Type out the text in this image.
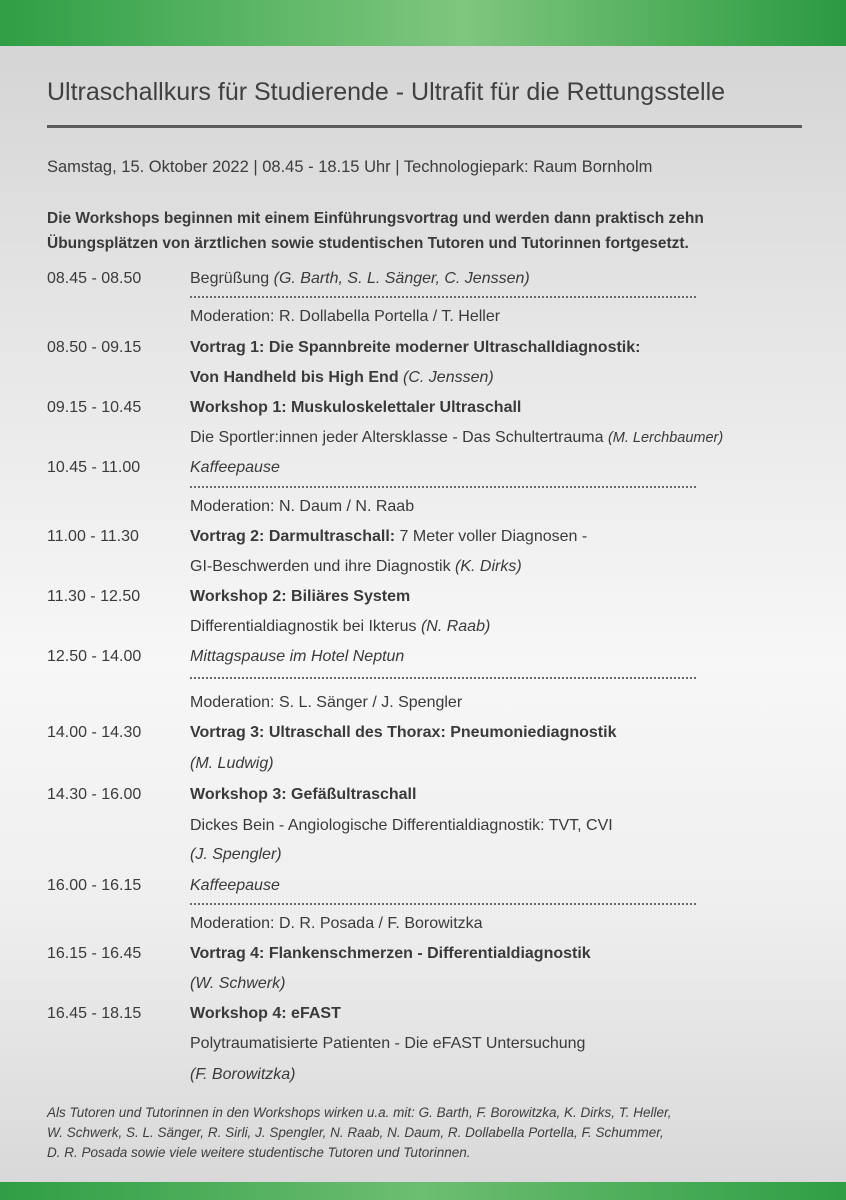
Ultraschallkurs für Studierende - Ultrafit für die Rettungsstelle
Samstag, 15. Oktober 2022 | 08.45 - 18.15 Uhr | Technologiepark: Raum Bornholm
Die Workshops beginnen mit einem Einführungsvortrag und werden dann praktisch zehn
Übungsplätzen von ärztlichen sowie studentischen Tutoren und Tutorinnen fortgesetzt.
08.45 - 08.50	Begrüßung (G. Barth, S. L. Sänger, C. Jenssen)
Moderation: R. Dollabella Portella / T. Heller
08.50 - 09.15	Vortrag 1: Die Spannbreite moderner Ultraschalldiagnostik:
Von Handheld bis High End (C. Jenssen)
09.15 - 10.45	Workshop 1: Muskuloskelettaler Ultraschall
Die Sportler:innen jeder Altersklasse - Das Schultertrauma (M. Lerchbaumer)
10.45 - 11.00	Kaffeepause
Moderation: N. Daum / N. Raab
11.00 - 11.30	Vortrag 2: Darmultraschall: 7 Meter voller Diagnosen -
GI-Beschwerden und ihre Diagnostik (K. Dirks)
11.30 - 12.50	Workshop 2: Biliäres System
Differentialdiagnostik bei Ikterus (N. Raab)
12.50 - 14.00	Mittagspause im Hotel Neptun
Moderation: S. L. Sänger / J. Spengler
14.00 - 14.30	Vortrag 3: Ultraschall des Thorax: Pneumoniediagnostik
(M. Ludwig)
14.30 - 16.00	Workshop 3: Gefäßultraschall
Dickes Bein - Angiologische Differentialdiagnostik: TVT, CVI
(J. Spengler)
16.00 - 16.15	Kaffeepause
Moderation: D. R. Posada / F. Borowitzka
16.15 - 16.45	Vortrag 4: Flankenschmerzen - Differentialdiagnostik
(W. Schwerk)
16.45 - 18.15	Workshop 4: eFAST
Polytraumatisierte Patienten - Die eFAST Untersuchung
(F. Borowitzka)
Als Tutoren und Tutorinnen in den Workshops wirken u.a. mit: G. Barth, F. Borowitzka, K. Dirks, T. Heller,
W. Schwerk, S. L. Sänger, R. Sirli, J. Spengler, N. Raab, N. Daum, R. Dollabella Portella, F. Schummer,
D. R. Posada sowie viele weitere studentische Tutoren und Tutorinnen.
